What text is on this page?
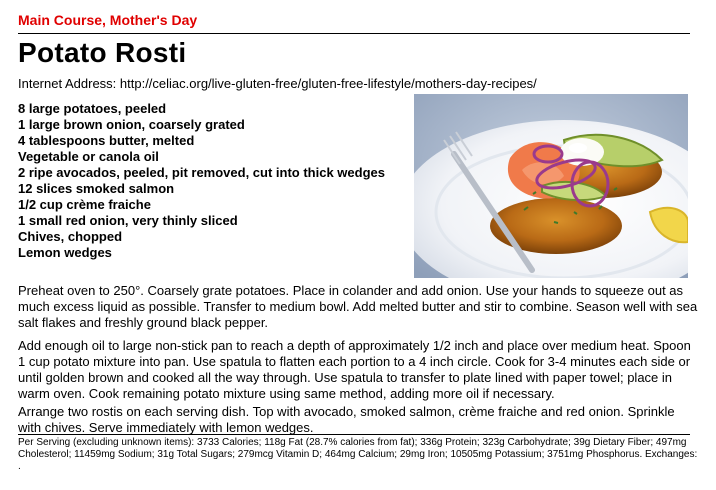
Main Course, Mother's Day
Potato Rosti
Internet Address: http://celiac.org/live-gluten-free/gluten-free-lifestyle/mothers-day-recipes/
8 large potatoes, peeled
1 large brown onion, coarsely grated
4 tablespoons butter, melted
Vegetable or canola oil
2 ripe avocados, peeled, pit removed, cut into thick wedges
12 slices smoked salmon
1/2 cup crème fraiche
1 small red onion, very thinly sliced
Chives, chopped
Lemon wedges

Preheat oven to 250°. Coarsely grate potatoes. Place in colander and add onion. Use your hands to squeeze out as much excess liquid as possible. Transfer to medium bowl. Add melted butter and stir to combine. Season well with sea salt flakes and freshly ground black pepper.

Add enough oil to large non-stick pan to reach a depth of approximately 1/2 inch and place over medium heat. Spoon 1 cup potato mixture into pan. Use spatula to flatten each portion to a 4 inch circle. Cook for 3-4 minutes each side or until golden brown and cooked all the way through. Use spatula to transfer to plate lined with paper towel; place in warm oven. Cook remaining potato mixture using same method, adding more oil if necessary.

Arrange two rostis on each serving dish. Top with avocado, smoked salmon, crème fraiche and red onion. Sprinkle with chives. Serve immediately with lemon wedges.

Per Serving (excluding unknown items): 3733 Calories; 118g Fat (28.7% calories from fat); 336g Protein; 323g Carbohydrate; 39g Dietary Fiber; 497mg Cholesterol; 11459mg Sodium; 31g Total Sugars; 279mcg Vitamin D; 464mg Calcium; 29mg Iron; 10505mg Potassium; 3751mg Phosphorus. Exchanges: .
